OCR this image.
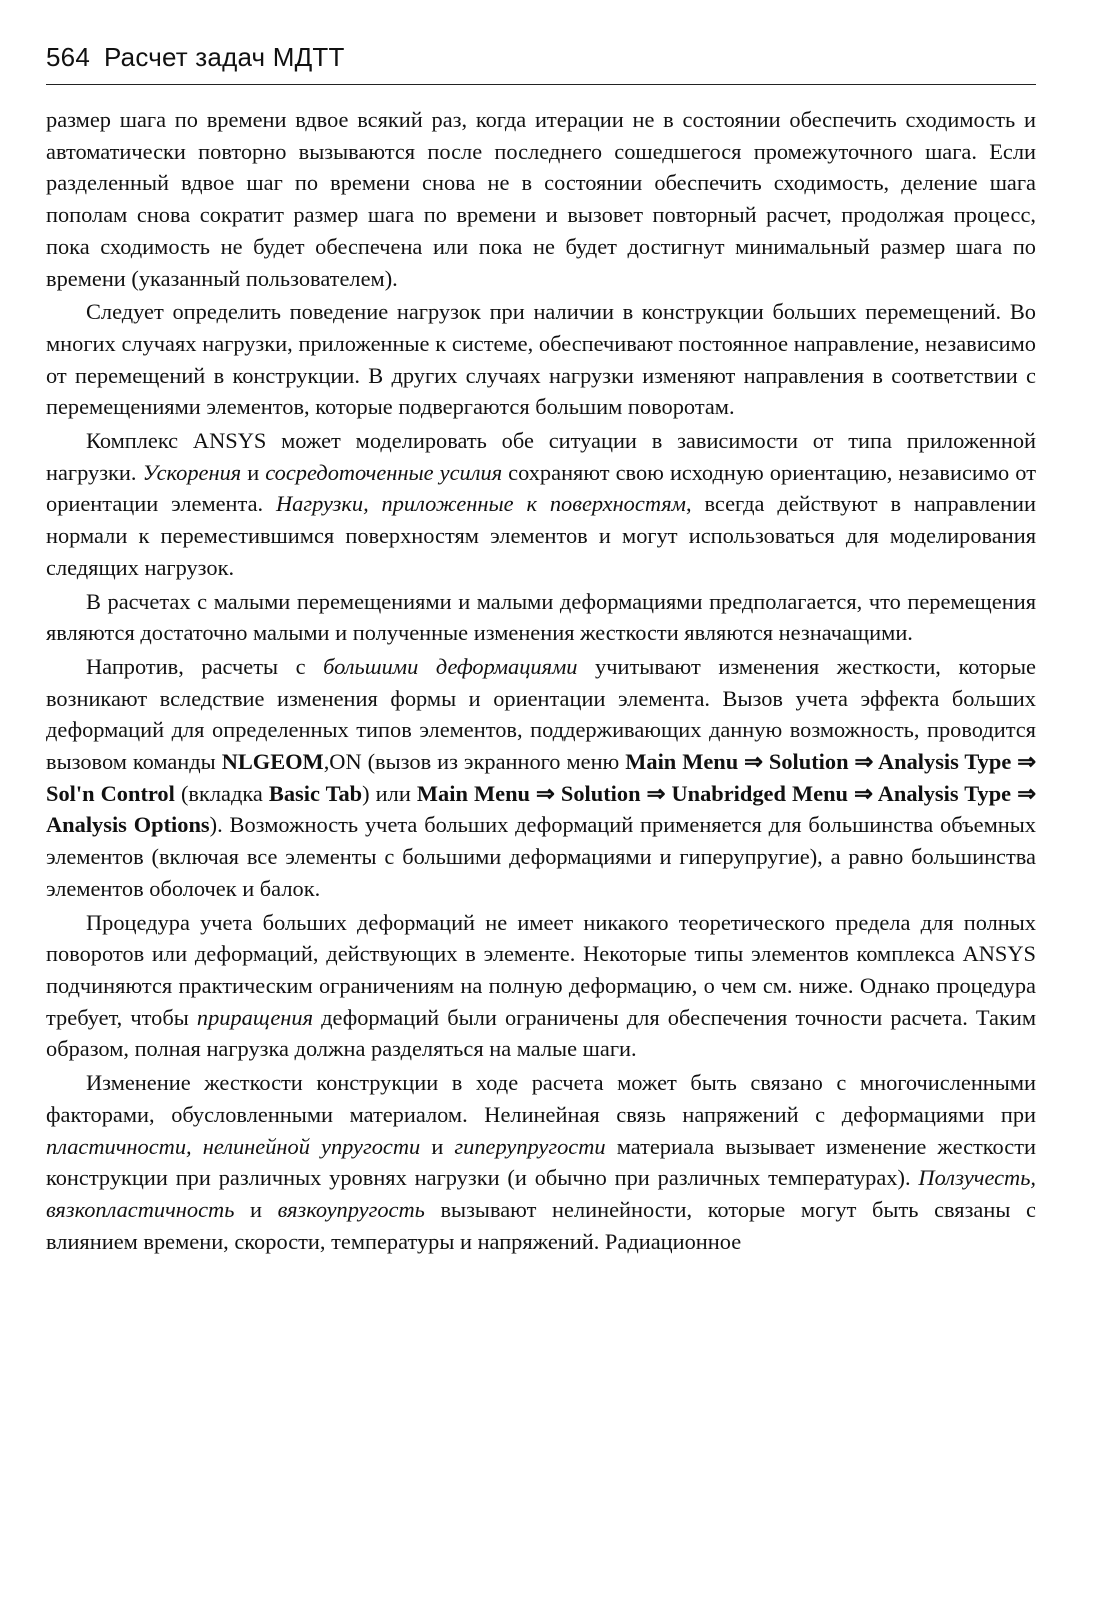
564 Расчет задач МДТТ

размер шага по времени вдвое всякий раз, когда итерации не в состоянии обеспечить сходимость и автоматически повторно вызываются после последнего сошедшегося промежуточного шага. Если разделенный вдвое шаг по времени снова не в состоянии обеспечить сходимость, деление шага пополам снова сократит размер шага по времени и вызовет повторный расчет, продолжая процесс, пока сходимость не будет обеспечена или пока не будет достигнут минимальный размер шага по времени (указанный пользователем).

Следует определить поведение нагрузок при наличии в конструкции больших перемещений. Во многих случаях нагрузки, приложенные к системе, обеспечивают постоянное направление, независимо от перемещений в конструкции. В других случаях нагрузки изменяют направления в соответствии с перемещениями элементов, которые подвергаются большим поворотам.

Комплекс ANSYS может моделировать обе ситуации в зависимости от типа приложенной нагрузки. Ускорения и сосредоточенные усилия сохраняют свою исходную ориентацию, независимо от ориентации элемента. Нагрузки, приложенные к поверхностям, всегда действуют в направлении нормали к переместившимся поверхностям элементов и могут использоваться для моделирования следящих нагрузок.

В расчетах с малыми перемещениями и малыми деформациями предполагается, что перемещения являются достаточно малыми и полученные изменения жесткости являются незначащими.

Напротив, расчеты с большими деформациями учитывают изменения жесткости, которые возникают вследствие изменения формы и ориентации элемента. Вызов учета эффекта больших деформаций для определенных типов элементов, поддерживающих данную возможность, проводится вызовом команды NLGEOM,ON (вызов из экранного меню Main Menu ⇒ Solution ⇒ Analysis Type ⇒ Sol'n Control (вкладка Basic Tab) или Main Menu ⇒ Solution ⇒ Unabridged Menu ⇒ Analysis Type ⇒ Analysis Options). Возможность учета больших деформаций применяется для большинства объемных элементов (включая все элементы с большими деформациями и гиперупругие), а равно большинства элементов оболочек и балок.

Процедура учета больших деформаций не имеет никакого теоретического предела для полных поворотов или деформаций, действующих в элементе. Некоторые типы элементов комплекса ANSYS подчиняются практическим ограничениям на полную деформацию, о чем см. ниже. Однако процедура требует, чтобы приращения деформаций были ограничены для обеспечения точности расчета. Таким образом, полная нагрузка должна разделяться на малые шаги.

Изменение жесткости конструкции в ходе расчета может быть связано с многочисленными факторами, обусловленными материалом. Нелинейная связь напряжений с деформациями при пластичности, нелинейной упругости и гиперупругости материала вызывает изменение жесткости конструкции при различных уровнях нагрузки (и обычно при различных температурах). Ползучесть, вязкопластичность и вязкоупругость вызывают нелинейности, которые могут быть связаны с влиянием времени, скорости, температуры и напряжений. Радиационное
